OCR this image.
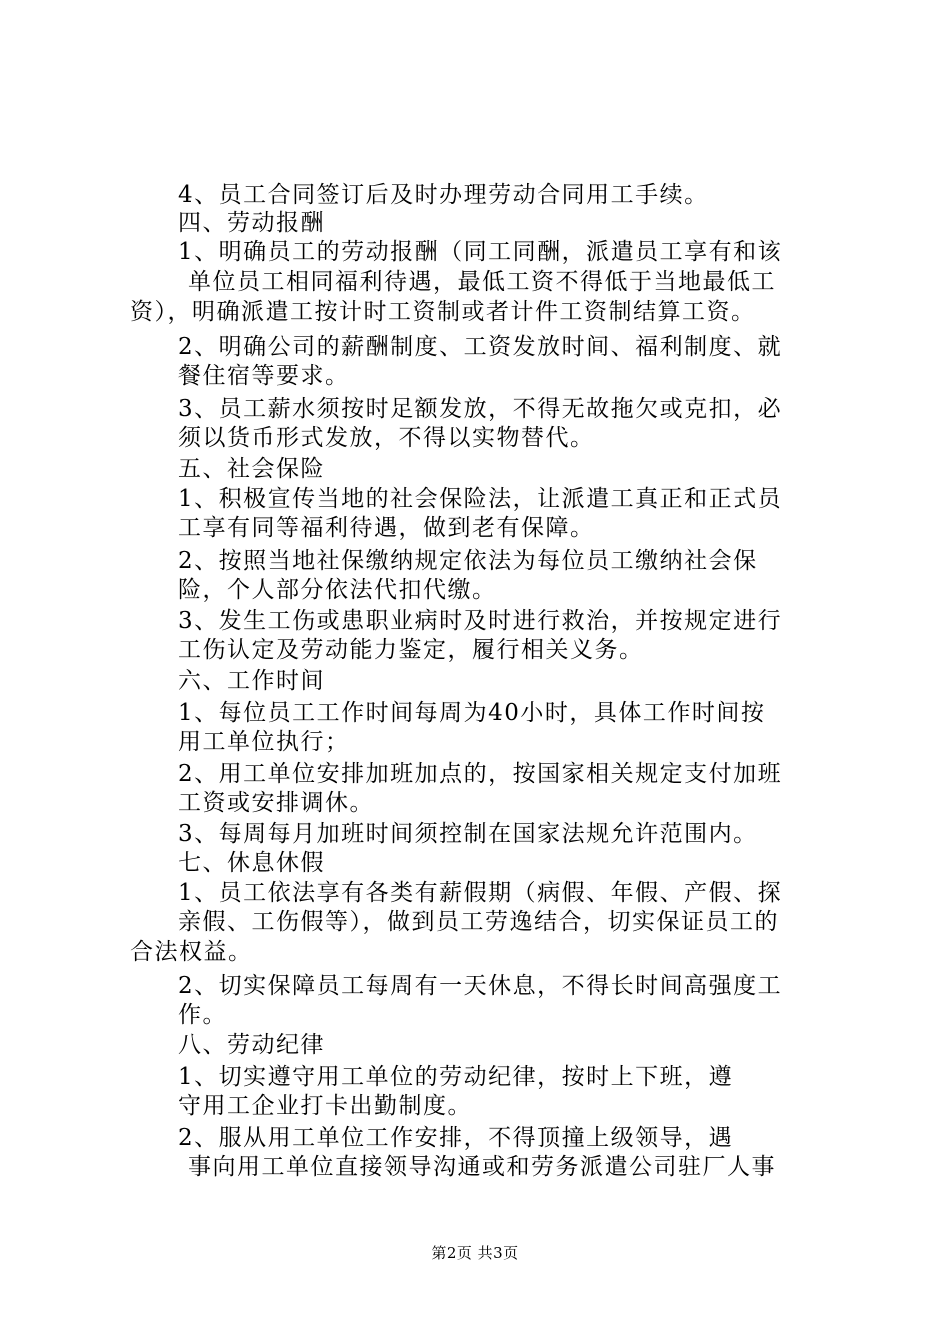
4、员工合同签订后及时办理劳动合同用工手续。
四、劳动报酬
1、明确员工的劳动报酬（同工同酬，派遣员工享有和该
单位员工相同福利待遇，最低工资不得低于当地最低工
资），明确派遣工按计时工资制或者计件工资制结算工资。
2、明确公司的薪酬制度、工资发放时间、福利制度、就
餐住宿等要求。
3、员工薪水须按时足额发放，不得无故拖欠或克扣，必
须以货币形式发放，不得以实物替代。
五、社会保险
1、积极宣传当地的社会保险法，让派遣工真正和正式员
工享有同等福利待遇，做到老有保障。
2、按照当地社保缴纳规定依法为每位员工缴纳社会保
险，个人部分依法代扣代缴。
3、发生工伤或患职业病时及时进行救治，并按规定进行
工伤认定及劳动能力鉴定，履行相关义务。
六、工作时间
1、每位员工工作时间每周为40小时，具体工作时间按
用工单位执行；
2、用工单位安排加班加点的，按国家相关规定支付加班
工资或安排调休。
3、每周每月加班时间须控制在国家法规允许范围内。
七、休息休假
1、员工依法享有各类有薪假期（病假、年假、产假、探
亲假、工伤假等），做到员工劳逸结合，切实保证员工的
合法权益。
2、切实保障员工每周有一天休息，不得长时间高强度工
作。
八、劳动纪律
1、切实遵守用工单位的劳动纪律，按时上下班，遵
守用工企业打卡出勤制度。
2、服从用工单位工作安排，不得顶撞上级领导，遇
事向用工单位直接领导沟通或和劳务派遣公司驻厂人事
第2页 共3页
